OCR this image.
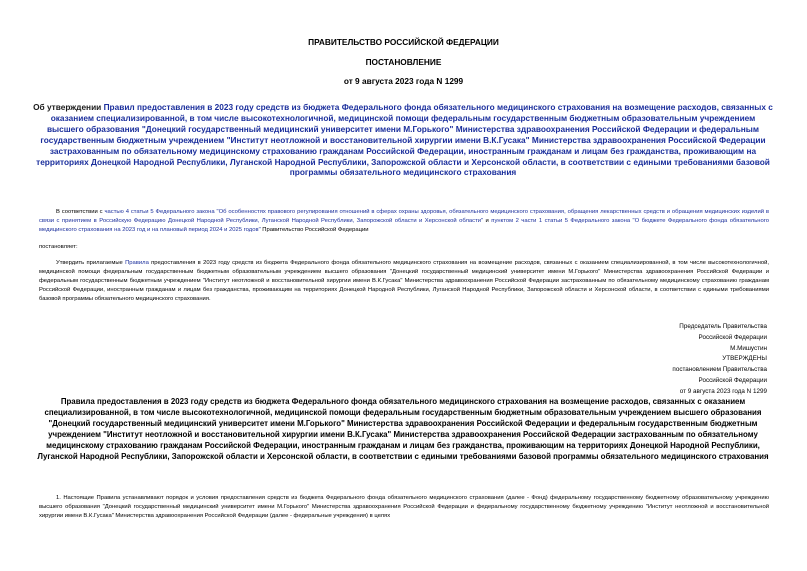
ПРАВИТЕЛЬСТВО РОССИЙСКОЙ ФЕДЕРАЦИИ
ПОСТАНОВЛЕНИЕ
от 9 августа 2023 года N 1299
Об утверждении Правил предоставления в 2023 году средств из бюджета Федерального фонда обязательного медицинского страхования на возмещение расходов, связанных с оказанием специализированной, в том числе высокотехнологичной, медицинской помощи федеральным государственным бюджетным образовательным учреждением высшего образования "Донецкий государственный медицинский университет имени М.Горького" Министерства здравоохранения Российской Федерации и федеральным государственным бюджетным учреждением "Институт неотложной и восстановительной хирургии имени В.К.Гусака" Министерства здравоохранения Российской Федерации застрахованным по обязательному медицинскому страхованию гражданам Российской Федерации, иностранным гражданам и лицам без гражданства, проживающим на территориях Донецкой Народной Республики, Луганской Народной Республики, Запорожской области и Херсонской области, в соответствии с едиными требованиями базовой программы обязательного медицинского страхования
В соответствии с частью 4 статьи 5 Федерального закона "Об особенностях правового регулирования отношений в сферах охраны здоровья, обязательного медицинского страхования, обращения лекарственных средств и обращения медицинских изделий в связи с принятием в Российскую Федерацию Донецкой Народной Республики, Луганской Народной Республики, Запорожской области и Херсонской области" и пунктом 2 части 1 статьи 5 Федерального закона "О бюджете Федерального фонда обязательного медицинского страхования на 2023 год и на плановый период 2024 и 2025 годов" Правительство Российской Федерации
постановляет:
Утвердить прилагаемые Правила предоставления в 2023 году средств из бюджета Федерального фонда обязательного медицинского страхования на возмещение расходов, связанных с оказанием специализированной, в том числе высокотехнологичной, медицинской помощи федеральным государственным бюджетным образовательным учреждением высшего образования "Донецкий государственный медицинский университет имени М.Горького" Министерства здравоохранения Российской Федерации и федеральным государственным бюджетным учреждением "Институт неотложной и восстановительной хирургии имени В.К.Гусака" Министерства здравоохранения Российской Федерации застрахованным по обязательному медицинскому страхованию гражданам Российской Федерации, иностранным гражданам и лицам без гражданства, проживающим на территориях Донецкой Народной Республики, Луганской Народной Республики, Запорожской области и Херсонской области, в соответствии с едиными требованиями базовой программы обязательного медицинского страхования.
Председатель Правительства
Российской Федерации
М.Мишустин
УТВЕРЖДЕНЫ
постановлением Правительства
Российской Федерации
от 9 августа 2023 года N 1299
Правила предоставления в 2023 году средств из бюджета Федерального фонда обязательного медицинского страхования на возмещение расходов, связанных с оказанием специализированной, в том числе высокотехнологичной, медицинской помощи федеральным государственным бюджетным образовательным учреждением высшего образования "Донецкий государственный медицинский университет имени М.Горького" Министерства здравоохранения Российской Федерации и федеральным государственным бюджетным учреждением "Институт неотложной и восстановительной хирургии имени В.К.Гусака" Министерства здравоохранения Российской Федерации застрахованным по обязательному медицинскому страхованию гражданам Российской Федерации, иностранным гражданам и лицам без гражданства, проживающим на территориях Донецкой Народной Республики, Луганской Народной Республики, Запорожской области и Херсонской области, в соответствии с едиными требованиями базовой программы обязательного медицинского страхования
1. Настоящие Правила устанавливают порядок и условия предоставления средств из бюджета Федерального фонда обязательного медицинского страхования (далее - Фонд) федеральному государственному бюджетному образовательному учреждению высшего образования "Донецкий государственный медицинский университет имени М.Горького" Министерства здравоохранения Российской Федерации и федеральному государственному бюджетному учреждению "Институт неотложной и восстановительной хирургии имени В.К.Гусака" Министерства здравоохранения Российской Федерации (далее - федеральные учреждения) в целях
